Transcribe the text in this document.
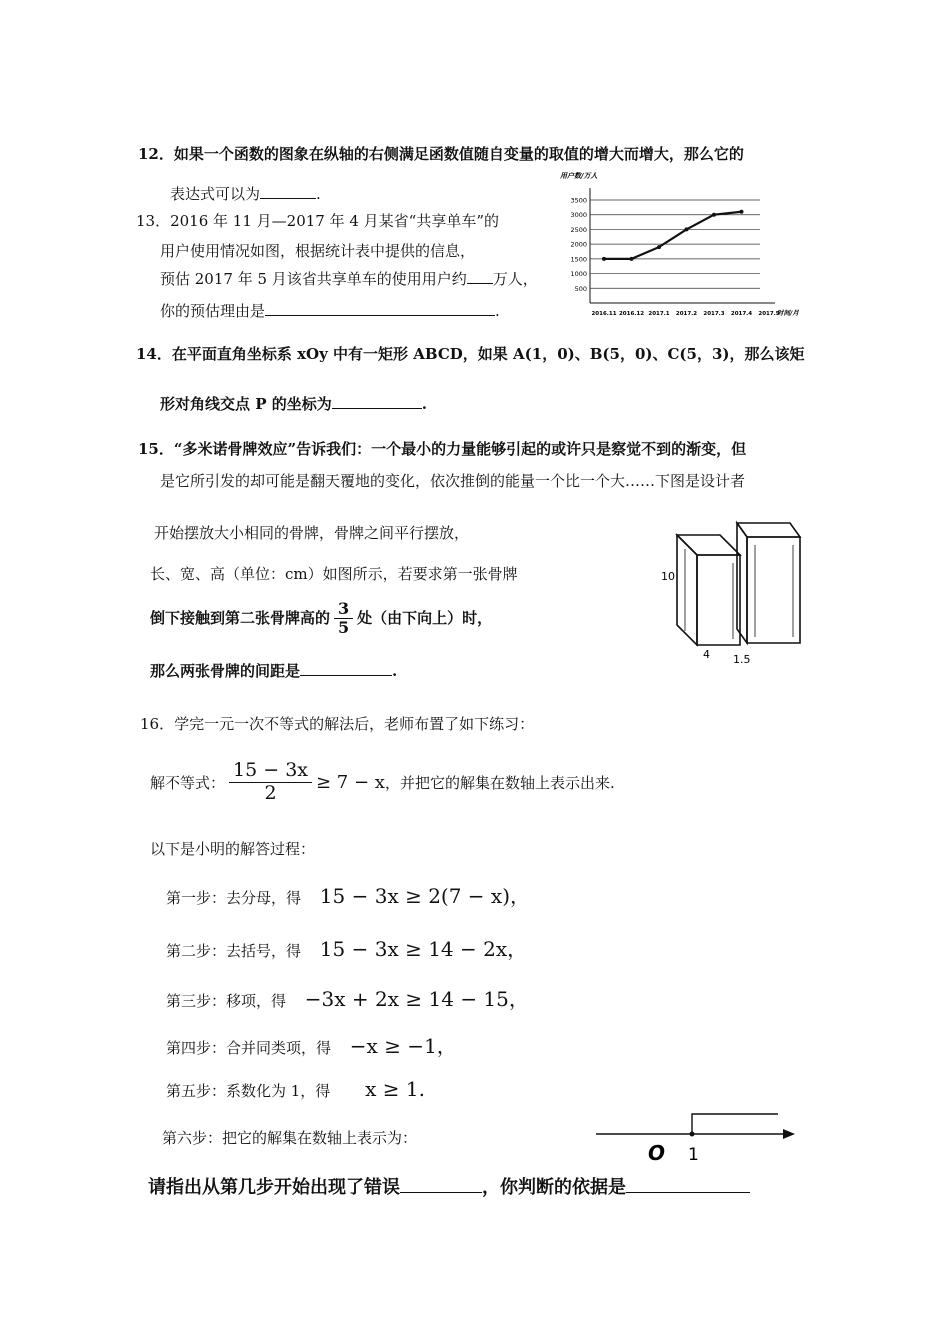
12．如果一个函数的图象在纵轴的右侧满足函数值随自变量的取值的增大而增大，那么它的
表达式可以为	.
13．2016 年 11 月—2017 年 4 月某省“共享单车”的
用户使用情况如图，根据统计表中提供的信息，
预估 2017 年 5 月该省共享单车的使用用户约 万人，
你的预估理由是	.
用户数/万人
3500
3000
2500
2000
1500
1000
500
2016.11 2016.12 2017.1 2017.2 2017.3 2017.4 2017.5
时间/月
14．在平面直角坐标系 xOy 中有一矩形 ABCD，如果 A(1，0)、B(5，0)、C(5，3)，那么该矩
形对角线交点 P 的坐标为	.
15．“多米诺骨牌效应”告诉我们：一个最小的力量能够引起的或许只是察觉不到的渐变，但
是它所引发的却可能是翻天覆地的变化，依次推倒的能量一个比一个大……下图是设计者
开始摆放大小相同的骨牌，骨牌之间平行摆放，
长、宽、高（单位：cm）如图所示，若要求第一张骨牌
倒下接触到第二张骨牌高的 $\frac{3}{5}$ 处（由下向上）时，
那么两张骨牌的间距是	.
10
4 1.5
16．学完一元一次不等式的解法后，老师布置了如下练习：
解不等式： $\frac{15 - 3x}{2} \ge 7 - x$ ，并把它的解集在数轴上表示出来.
以下是小明的解答过程：
第一步：去分母，得 15 − 3x ≥ 2(7 − x)，
第二步：去括号，得 15 − 3x ≥ 14 − 2x，
第三步：移项，得 −3x + 2x ≥ 14 − 15，
第四步：合并同类项，得 −x ≥ −1，
第五步：系数化为 1，得 x ≥ 1.
第六步：把它的解集在数轴上表示为：
O 1
请指出从第几步开始出现了错误	，你判断的依据是
